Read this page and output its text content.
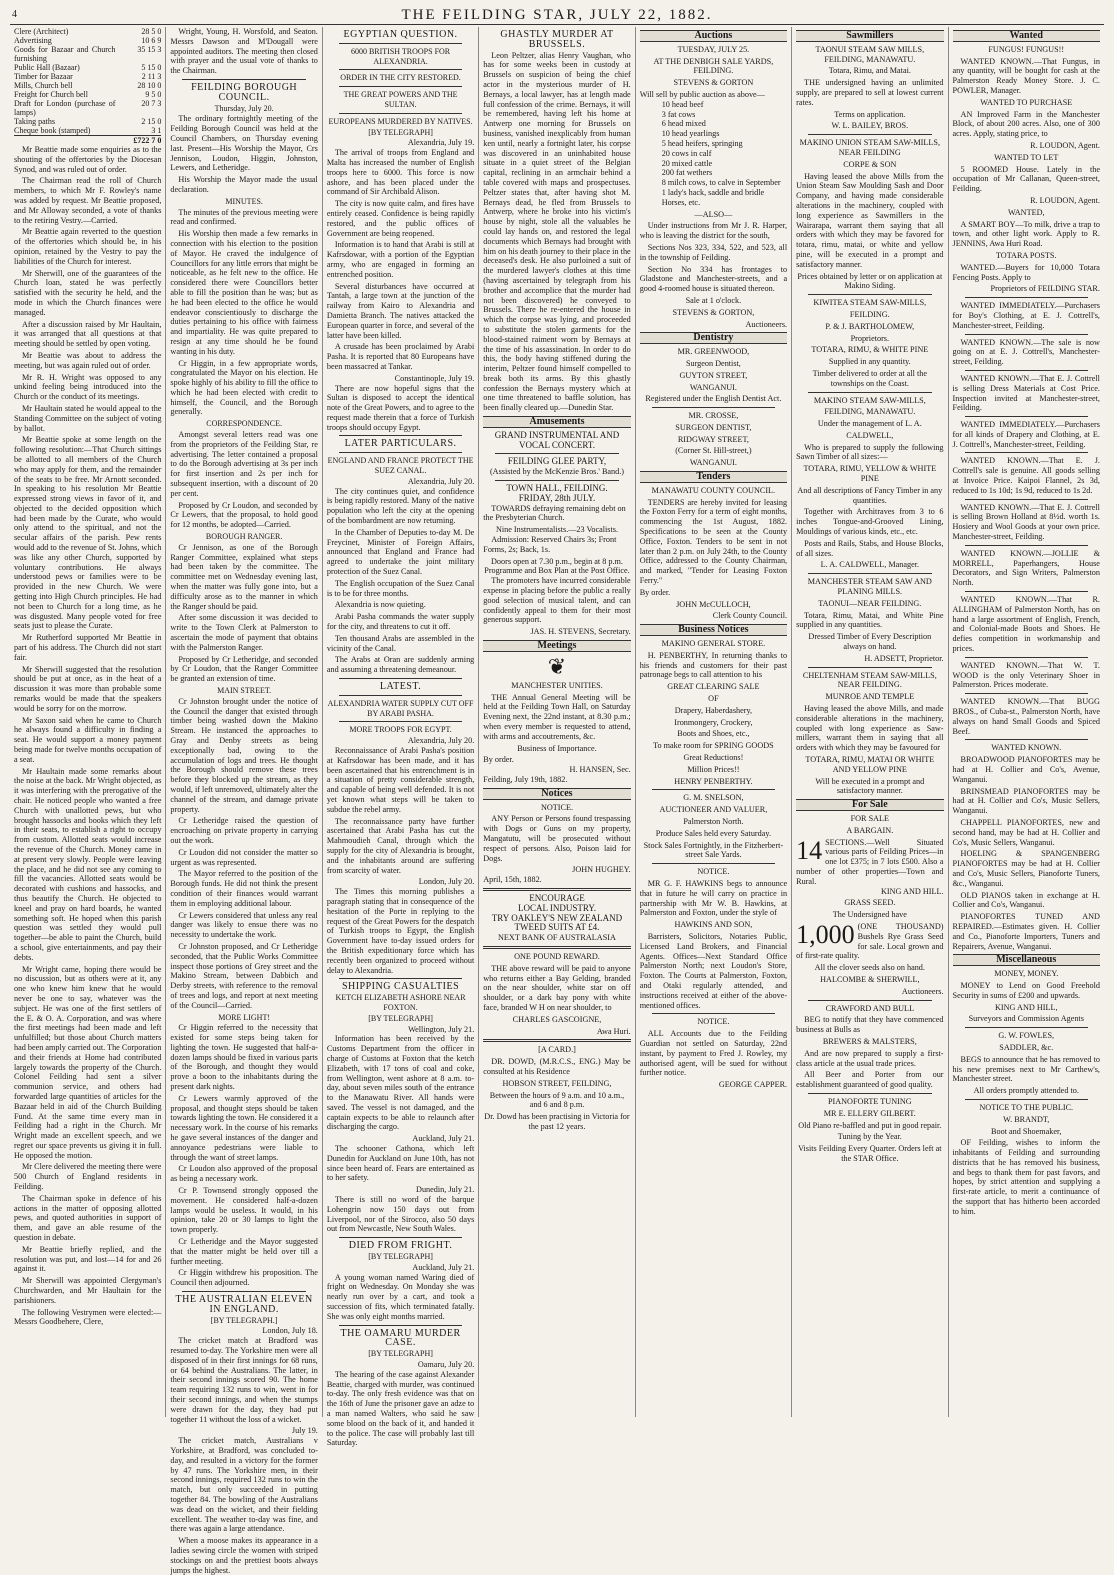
4	THE FEILDING STAR, JULY 22, 1882.
Clere (Architect)	28 5 0
Advertising	10 6 9
Goods for Bazaar and Church furnishing	35 15 3
Public Hall (Bazaar)	5 15 0
Timber for Bazaar	2 11 3
Mills, Church bell	28 10 0
Freight for Church bell	9 5 0
Draft for London (purchase of lamps)	20 7 3
Taking paths	2 15 0
Cheque book (stamped)	3 1
	£722 7 0

Mr Beattie made some enquiries as to the shouting of the offertories by the Diocesan Synod, and was ruled out of order.

The Chairman read the roll of Church members, to which Mr F. Rowley's name was added by request. Mr Beattie proposed, and Mr Alloway seconded, a vote of thanks to the retiring Vestry.—Carried.

Mr Beattie again reverted to the question of the offertories which should be, in his opinion, retained by the Vestry to pay the liabilities of the Church for interest.

Mr Sherwill, one of the guarantees of the Church loan, stated he was perfectly satisfied with the security he held, and the mode in which the Church finances were managed.

After a discussion raised by Mr Haultain, it was arranged that all questions at that meeting should be settled by open voting.

Mr Beattie was about to address the meeting, but was again ruled out of order.

Mr R. H. Wright was opposed to any unkind feeling being introduced into the Church or the conduct of its meetings.

Mr Haultain stated he would appeal to the Standing Committee on the subject of voting by ballot.

Mr Beattie spoke at some length on the following resolution:—That Church sittings be allotted to all members of the Church who may apply for them, and the remainder of the seats to be free. Mr Arnott seconded. In speaking to his resolution Mr Beattie expressed strong views in favor of it, and objected to the decided opposition which had been made by the Curate, who would only attend to the spiritual, and not the secular affairs of the parish. Pew rents would add to the revenue of St. Johns, which was like any other Church, supported by voluntary contributions. He always understood pews or families were to be provided in the new Church. We were getting into High Church principles. He had not been to Church for a long time, as he was disgusted. Many people voted for free seats just to please the Curate.

Mr Rutherford supported Mr Beattie in part of his address. The Church did not start fair.

Mr Sherwill suggested that the resolution should be put at once, as in the heat of a discussion it was more than probable some remarks would be made that the speakers would be sorry for on the morrow.

Mr Saxon said when he came to Church he always found a difficulty in finding a seat. He would support a money payment being made for twelve months occupation of a seat.

Mr Haultain made some remarks about the noise at the back. Mr Wright objected, as it was interfering with the prerogative of the chair. He noticed people who wanted a free Church with unallotted pews, but who brought hassocks and books which they left in their seats, to establish a right to occupy from custom. Allotted seats would increase the revenue of the Church. Money came in at present very slowly. People were leaving the place, and he did not see any coming to fill the vacancies. Allotted seats would be decorated with cushions and hassocks, and thus beautify the Church. He objected to kneel and pray on hard boards, he wanted something soft. He hoped when this parish question was settled they would pull together—be able to paint the Church, build a school, give entertainments, and pay their debts.

Mr Wright came, hoping there would be no discussion, but as others were at it, any one who knew him knew that he would never be one to say, whatever was the subject. He was one of the first settlers of the E. & O. A. Corporation, and was where the first meetings had been made and left unfulfilled; but those about Church matters had been amply carried out. The Corporation and their friends at Home had contributed largely towards the property of the Church. Colonel Feilding had sent a silver communion service, and others had forwarded large quantities of articles for the Bazaar held in aid of the Church Building Fund. At the same time every man in Feilding had a right in the Church. Mr Wright made an excellent speech, and we regret our space prevents us giving it in full. He opposed the motion.

Mr Clere delivered the meeting there were 500 Church of England residents in Feilding.

The Chairman spoke in defence of his actions in the matter of opposing allotted pews, and quoted authorities in support of them, and gave an able resume of the question in debate.

Mr Beattie briefly replied, and the resolution was put, and lost—14 for and 26 against it.

Mr Sherwill was appointed Clergyman's Churchwarden, and Mr Haultain for the parishioners.

The following Vestrymen were elected:—Messrs Goodbehere, Clere,

Wright, Young, H. Worsfold, and Seaton. Messrs Dawson and M'Dougall were appointed auditors. The meeting then closed with prayer and the usual vote of thanks to the Chairman.

FEILDING BOROUGH COUNCIL.
Thursday, July 20.

The ordinary fortnightly meeting of the Feilding Borough Council was held at the Council Chambers, on Thursday evening last. Present—His Worship the Mayor, Crs Jennison, Loudon, Higgin, Johnston, Lewers, and Letheridge.

His Worship the Mayor made the usual declaration.

MINUTES.

The minutes of the previous meeting were read and confirmed.

His Worship then made a few remarks in connection with his election to the position of Mayor. He craved the indulgence of Councillors for any little errors that might be noticeable, as he felt new to the office. He considered there were Councillors better able to fill the position than he was; but as he had been elected to the office he would endeavor conscientiously to discharge the duties pertaining to his office with fairness and impartiality. He was quite prepared to resign at any time should he be found wanting in his duty.

Cr Higgin, in a few appropriate words, congratulated the Mayor on his election. He spoke highly of his ability to fill the office to which he had been elected with credit to himself, the Council, and the Borough generally.

CORRESPONDENCE.

Amongst several letters read was one from the proprietors of the Feilding Star, re advertising. The letter contained a proposal to do the Borough advertising at 3s per inch for first insertion and 2s per inch for subsequent insertion, with a discount of 20 per cent.

Proposed by Cr Loudon, and seconded by Cr Lewers, that the proposal, to hold good for 12 months, be adopted—Carried.

BOROUGH RANGER.

Cr Jennison, as one of the Borough Ranger Committee, explained what steps had been taken by the committee. The committee met on Wednesday evening last, when the matter was fully gone into, but a difficulty arose as to the manner in which the Ranger should be paid.

After some discussion it was decided to write to the Town Clerk at Palmerston to ascertain the mode of payment that obtains with the Palmerston Ranger.

Proposed by Cr Letheridge, and seconded by Cr Loudon, that the Ranger Committee be granted an extension of time.

MAIN STREET.

Cr Johnston brought under the notice of the Council the danger that existed through timber being washed down the Makino Stream. He instanced the approaches to Gray and Denby streets as being exceptionally bad, owing to the accumulation of logs and trees. He thought the Borough should remove these trees before they blocked up the stream, as they would, if left unremoved, ultimately alter the channel of the stream, and damage private property.

Cr Letheridge raised the question of encroaching on private property in carrying out the work.

Cr Loudon did not consider the matter so urgent as was represented.

The Mayor referred to the position of the Borough funds. He did not think the present condition of their finances would warrant them in employing additional labour.

Cr Lewers considered that unless any real danger was likely to ensue there was no necessity to undertake the work.

Cr Johnston proposed, and Cr Letheridge seconded, that the Public Works Committee inspect those portions of Grey street and the Makino Stream, between Dabbich and Derby streets, with reference to the removal of trees and logs, and report at next meeting of the Council—Carried.

MORE LIGHT!

Cr Higgin referred to the necessity that existed for some steps being taken for lighting the town. He suggested that half-a-dozen lamps should be fixed in various parts of the Borough, and thought they would prove a boon to the inhabitants during the present dark nights.

Cr Lewers warmly approved of the proposal, and thought steps should be taken towards lighting the town. He considered it a necessary work. In the course of his remarks he gave several instances of the danger and annoyance pedestrians were liable to through the want of street lamps.

Cr Loudon also approved of the proposal as being a necessary work.

Cr P. Townsend strongly opposed the movement. He considered half-a-dozen lamps would be useless. It would, in his opinion, take 20 or 30 lamps to light the town properly.

Cr Letheridge and the Mayor suggested that the matter might be held over till a further meeting.

Cr Higgin withdrew his proposition. The Council then adjourned.

THE AUSTRALIAN ELEVEN IN ENGLAND.
[BY TELEGRAPH.]
London, July 18.

The cricket match at Bradford was resumed to-day. The Yorkshire men were all disposed of in their first innings for 68 runs, or 64 behind the Australians. The latter, in their second innings scored 90. The home team requiring 132 runs to win, went in for their second innings, and when the stumps were drawn for the day, they had put together 11 without the loss of a wicket.

July 19.

The cricket match, Australians v Yorkshire, at Bradford, was concluded to-day, and resulted in a victory for the former by 47 runs. The Yorkshire men, in their second innings, required 132 runs to win the match, but only succeeded in putting together 84. The bowling of the Australians was dead on the wicket, and their fielding excellent. The weather to-day was fine, and there was again a large attendance.

When a moose makes its appearance in a ladies sewing circle the women with striped stockings on and the prettiest boots always jumps the highest.

EGYPTIAN QUESTION.
6000 BRITISH TROOPS FOR ALEXANDRIA.
ORDER IN THE CITY RESTORED.
THE GREAT POWERS AND THE SULTAN.
EUROPEANS MURDERED BY NATIVES.
[BY TELEGRAPH]
Alexandria, July 19.

The arrival of troops from England and Malta has increased the number of English troops here to 6000. This force is now ashore, and has been placed under the command of Sir Archibald Alison.

The city is now quite calm, and fires have entirely ceased. Confidence is being rapidly restored, and the public offices of Government are being reopened.

Information is to hand that Arabi is still at Kafrsdowar, with a portion of the Egyptian army, who are engaged in forming an entrenched position.

Several disturbances have occurred at Tantah, a large town at the junction of the railway from Kairo to Alexandria and Damietta Branch. The natives attacked the European quarter in force, and several of the latter have been killed.

A crusade has been proclaimed by Arabi Pasha. It is reported that 80 Europeans have been massacred at Tankar.

Constantinople, July 19.

There are now hopeful signs that the Sultan is disposed to accept the identical note of the Great Powers, and to agree to the request made therein that a force of Turkish troops should occupy Egypt.

LATER PARTICULARS.
ENGLAND AND FRANCE PROTECT THE SUEZ CANAL.
Alexandria, July 20.

The city continues quiet, and confidence is being rapidly restored. Many of the native population who left the city at the opening of the bombardment are now returning.

In the Chamber of Deputies to-day M. De Freycinet, Minister of Foreign Affairs, announced that England and France had agreed to undertake the joint military protection of the Suez Canal.

The English occupation of the Suez Canal is to be for three months.

Alexandria is now quieting.

Arabi Pasha commands the water supply for the city, and threatens to cut it off.

Ten thousand Arabs are assembled in the vicinity of the Canal.

The Arabs at Oran are suddenly arming and assuming a threatening demeanour.

LATEST.
ALEXANDRIA WATER SUPPLY CUT OFF BY ARABI PASHA.
MORE TROOPS FOR EGYPT.
Alexandria, July 20.

Reconnaissance of Arabi Pasha's position at Kafrsdowar has been made, and it has been ascertained that his entrenchment is in a situation of pretty considerable strength, and capable of being well defended. It is not yet known what steps will be taken to subdue the rebel army.

The reconnaissance party have further ascertained that Arabi Pasha has cut the Mahmoudieh Canal, through which the supply for the city of Alexandria is brought, and the inhabitants around are suffering from scarcity of water.

London, July 20.

The Times this morning publishes a paragraph stating that in consequence of the hesitation of the Porte in replying to the request of the Great Powers for the despatch of Turkish troops to Egypt, the English Government have to-day issued orders for the British expeditionary force which has recently been organized to proceed without delay to Alexandria.

SHIPPING CASUALTIES
KETCH ELIZABETH ASHORE NEAR FOXTON.
[BY TELEGRAPH]
Wellington, July 21.

Information has been received by the Customs Department from the officer in charge of Customs at Foxton that the ketch Elizabeth, with 17 tons of coal and coke, from Wellington, went ashore at 8 a.m. to-day, about seven miles south of the entrance to the Manawatu River. All hands were saved. The vessel is not damaged, and the captain expects to be able to relaunch after discharging the cargo.

Auckland, July 21.

The schooner Cathona, which left Dunedin for Auckland on June 10th, has not since been heard of. Fears are entertained as to her safety.

Dunedin, July 21.

There is still no word of the barque Lohengrin now 150 days out from Liverpool, nor of the Sirocco, also 50 days out from Newcastle, New South Wales.

DIED FROM FRIGHT.
[BY TELEGRAPH]
Auckland, July 21.

A young woman named Waring died of fright on Wednesday. On Monday she was nearly run over by a cart, and took a succession of fits, which terminated fatally. She was only eight months married.

THE OAMARU MURDER CASE.
[BY TELEGRAPH]
Oamaru, July 20.

The hearing of the case against Alexander Beattie, charged with murder, was continued to-day. The only fresh evidence was that on the 16th of June the prisoner gave an adze to a man named Walters, who said he saw some blood on the back of it, and handed it to the police. The case will probably last till Saturday.

GHASTLY MURDER AT BRUSSELS.

Leon Peltzer, alias Henry Vaughan, who has for some weeks been in custody at Brussels on suspicion of being the chief actor in the mysterious murder of H. Bernays, a local lawyer, has at length made full confession of the crime. Bernays, it will be remembered, having left his home at Antwerp one morning for Brussels on business, vanished inexplicably from human ken until, nearly a fortnight later, his corpse was discovered in an uninhabited house situate in a quiet street of the Belgian capital, reclining in an armchair behind a table covered with maps and prospectuses. Peltzer states that, after having shot M. Bernays dead, he fled from Brussels to Antwerp, where he broke into his victim's house by night, stole all the valuables he could lay hands on, and restored the legal documents which Bernays had brought with him on his death journey to their place in the deceased's desk. He also purloined a suit of the murdered lawyer's clothes at this time (having ascertained by telegraph from his brother and accomplice that the murder had not been discovered) he conveyed to Brussels. There he re-entered the house in which the corpse was lying, and proceeded to substitute the stolen garments for the blood-stained raiment worn by Bernays at the time of his assassination. In order to do this, the body having stiffened during the interim, Peltzer found himself compelled to break both its arms. By this ghastly confession the Bernays mystery which at one time threatened to baffle solution, has been finally cleared up.—Dunedin Star.

Amusements
GRAND INSTRUMENTAL AND VOCAL CONCERT.
FEILDING GLEE PARTY,
(Assisted by the McKenzie Bros.' Band.)
TOWN HALL, FEILDING.
FRIDAY, 28th JULY.

TOWARDS defraying remaining debt on the Presbyterian Church.

Nine Instrumentalists.—23 Vocalists.

Admission: Reserved Chairs 3s; Front Forms, 2s; Back, 1s.

Doors open at 7.30 p.m., begin at 8 p.m.
Programme and Box Plan at the Post Office.

The promoters have incurred considerable expense in placing before the public a really good selection of musical talent, and can confidently appeal to them for their most generous support.

JAS. H. STEVENS, Secretary.
Meetings
❦
MANCHESTER UNITIES.

THE Annual General Meeting will be held at the Feilding Town Hall, on Saturday Evening next, the 22nd instant, at 8.30 p.m.; when every member is requested to attend, with arms and accoutrements, &c.

Business of Importance.
By order.
H. HANSEN, Sec.
Feilding, July 19th, 1882.
Notices
NOTICE.

ANY Person or Persons found trespassing with Dogs or Guns on my property, Mangatutu, will be prosecuted without respect of persons. Also, Poison laid for Dogs.

JOHN HUGHEY.
April, 15th, 1882.
ENCOURAGE
LOCAL INDUSTRY.
TRY OAKLEY'S NEW ZEALAND
TWEED SUITS AT £4.
NEXT BANK OF AUSTRALASIA
ONE POUND REWARD.

THE above reward will be paid to anyone who returns either a Bay Gelding, branded on the near shoulder, white star on off shoulder, or a dark bay pony with white face, branded W H on near shoulder, to

CHARLES GASCOIGNE,
Awa Huri.
[A CARD.]

DR. DOWD, (M.R.C.S., ENG.) May be consulted at his Residence

HOBSON STREET, FEILDING,
Between the hours of 9 a.m. and 10 a.m., and 6 and 8 p.m.
Dr. Dowd has been practising in Victoria for the past 12 years.
Auctions
TUESDAY, JULY 25.
AT THE DENBIGH SALE YARDS, FEILDING.
STEVENS & GORTON
Will sell by public auction as above—
10 head beef
3 fat cows
6 head mixed
10 head yearlings
5 head heifers, springing
20 cows in calf
20 mixed cattle
200 fat wethers
8 milch cows, to calve in September
1 lady's hack, saddle and bridle
Horses, etc.
—ALSO—

Under instructions from Mr J. R. Harper, who is leaving the district for the south,

Sections Nos 323, 334, 522, and 523, all in the township of Feilding.

Section No 334 has frontages to Gladstone and Manchester-streets, and a good 4-roomed house is situated thereon.

Sale at 1 o'clock.
STEVENS & GORTON,
Auctioneers.
Dentistry
MR. GREENWOOD,
Surgeon Dentist,
GUYTON STREET,
WANGANUI.
Registered under the English Dentist Act.
MR. CROSSE,
SURGEON DENTIST,
RIDGWAY STREET,
(Corner St. Hill-street,)
WANGANUI.
Tenders
MANAWATU COUNTY COUNCIL.

TENDERS are hereby invited for leasing the Foxton Ferry for a term of eight months, commencing the 1st August, 1882. Specifications to be seen at the County Office, Foxton. Tenders to be sent in not later than 2 p.m. on July 24th, to the County Office, addressed to the County Chairman, and marked, "Tender for Leasing Foxton Ferry."

By order.
JOHN McCULLOCH,
Clerk County Council.
Business Notices
MAKINO GENERAL STORE.

H. PENBERTHY, In returning thanks to his friends and customers for their past patronage begs to call attention to his

GREAT CLEARING SALE
OF
Drapery, Haberdashery,
Ironmongery, Crockery,
Boots and Shoes, etc.,
To make room for SPRING GOODS
Great Reductions!
Million Prices!!
HENRY PENBERTHY.
G. M. SNELSON,
AUCTIONEER AND VALUER,
Palmerston North.
Produce Sales held every Saturday.
Stock Sales Fortnightly, in the Fitzherbert-street Sale Yards.
NOTICE.

MR G. F. HAWKINS begs to announce that in future he will carry on practice in partnership with Mr W. B. Hawkins, at Palmerston and Foxton, under the style of

HAWKINS AND SON,

Barristers, Solicitors, Notaries Public, Licensed Land Brokers, and Financial Agents. Offices—Next Standard Office Palmerston North; next Loudon's Store, Foxton. The Courts at Palmerston, Foxton, and Otaki regularly attended, and instructions received at either of the above-mentioned offices.

NOTICE.

ALL Accounts due to the Feilding Guardian not settled on Saturday, 22nd instant, by payment to Fred J. Rowley, my authorised agent, will be sued for without further notice.

GEORGE CAPPER.
Sawmillers
TAONUI STEAM SAW MILLS, FEILDING, MANAWATU.
Totara, Rimu, and Matai.

THE undersigned having an unlimited supply, are prepared to sell at lowest current rates.

Terms on application.
W. L. BAILEY, BROS.
MAKINO UNION STEAM SAW-MILLS, NEAR FEILDING
CORPE & SON

Having leased the above Mills from the Union Steam Saw Moulding Sash and Door Company, and having made considerable alterations in the machinery, coupled with long experience as Sawmillers in the Wairarapa, warrant them saying that all orders with which they may be favored for totara, rimu, matai, or white and yellow pine, will be executed in a prompt and satisfactory manner.

Prices obtained by letter or on application at Makino Siding.
KIWITEA STEAM SAW-MILLS,
FEILDING.
P. & J. BARTHOLOMEW,
Proprietors.
TOTARA, RIMU, & WHITE PINE
Supplied in any quantity.
Timber delivered to order at all the townships on the Coast.
MAKINO STEAM SAW-MILLS,
FEILDING, MANAWATU.
Under the management of L. A.
CALDWELL,

Who is prepared to supply the following Sawn Timber of all sizes:—

TOTARA, RIMU, YELLOW & WHITE PINE
And all descriptions of Fancy Timber in any quantities.

Together with Architraves from 3 to 6 inches Tongue-and-Grooved Lining, Mouldings of various kinds, etc., etc.

Posts and Rails, Stabs, and House Blocks, of all sizes.

L. A. CALDWELL, Manager.
MANCHESTER STEAM SAW AND PLANING MILLS.
TAONUI—NEAR FEILDING.

Totara, Rimu, Matai, and White Pine supplied in any quantities.

Dressed Timber of Every Description always on hand.
H. ADSETT, Proprietor.
CHELTENHAM STEAM SAW-MILLS, NEAR FEILDING.
MUNROE AND TEMPLE

Having leased the above Mills, and made considerable alterations in the machinery, coupled with long experience as Saw-millers, warrant them in saying that all orders with which they may be favoured for

TOTARA, RIMU, MATAI OR WHITE AND YELLOW PINE
Will be executed in a prompt and satisfactory manner.
For Sale
FOR SALE
A BARGAIN.
14 SECTIONS.—Well Situated various parts of Feilding Prices—in one lot £375; in 7 lots £500. Also a number of other properties—Town and Rural.
KING AND HILL.
GRASS SEED.
The Undersigned have
1,000 (ONE THOUSAND) Bushels Rye Grass Seed for sale. Local grown and of first-rate quality.
All the clover seeds also on hand.
HALCOMBE & SHERWILL,
Auctioneers.
CRAWFORD AND BULL

BEG to notify that they have commenced business at Bulls as

BREWERS & MALSTERS,

And are now prepared to supply a first-class article at the usual trade prices.

All Beer and Porter from our establishment guaranteed of good quality.

PIANOFORTE TUNING
MR E. ELLERY GILBERT.
Old Piano re-baffled and put in good repair.
Tuning by the Year.
Visits Feilding Every Quarter. Orders left at the STAR Office.
Wanted
FUNGUS! FUNGUS!!

WANTED KNOWN.—That Fungus, in any quantity, will be bought for cash at the Palmerston Ready Money Store. J. C. POWLER, Manager.

WANTED TO PURCHASE

AN Improved Farm in the Manchester Block, of about 200 acres. Also, one of 300 acres. Apply, stating price, to

R. LOUDON, Agent.
WANTED TO LET

5 ROOMED House. Lately in the occupation of Mr Callanan, Queen-street, Feilding.

R. LOUDON, Agent.
WANTED,

A SMART BOY—To milk, drive a trap to town, and other light work. Apply to R. JENNINS, Awa Huri Road.

TOTARA POSTS.

WANTED.—Buyers for 10,000 Totara Fencing Posts. Apply to

Proprietors of FEILDING STAR.

WANTED IMMEDIATELY.—Purchasers for Boy's Clothing, at E. J. Cottrell's, Manchester-street, Feilding.

WANTED KNOWN.—The sale is now going on at E. J. Cottrell's, Manchester-street, Feilding.

WANTED KNOWN.—That E. J. Cottrell is selling Dress Materials at Cost Price. Inspection invited at Manchester-street, Feilding.

WANTED IMMEDIATELY.—Purchasers for all kinds of Drapery and Clothing, at E. J. Cottrell's, Manchester-street, Feilding.

WANTED KNOWN.—That E. J. Cottrell's sale is genuine. All goods selling at Invoice Price. Kaipoi Flannel, 2s 3d, reduced to 1s 10d; 1s 9d, reduced to 1s 2d.

WANTED KNOWN.—That E. J. Cottrell is selling Brown Holland at 8½d. worth 1s. Hosiery and Wool Goods at your own price. Manchester-street, Feilding.

WANTED KNOWN.—JOLLIE & MORRELL, Paperhangers, House Decorators, and Sign Writers, Palmerston North.

WANTED KNOWN.—That R. ALLINGHAM of Palmerston North, has on hand a large assortment of English, French, and Colonial-made Boots and Shoes. He defies competition in workmanship and prices.

WANTED KNOWN.—That W. T. WOOD is the only Veterinary Shoer in Palmerston. Prices moderate.

WANTED KNOWN.—That BUGG BROS., of Cuba-st., Palmerston North, have always on hand Small Goods and Spiced Beef.

WANTED KNOWN.

BROADWOOD PIANOFORTES may be had at H. Collier and Co's, Avenue, Wanganui.

BRINSMEAD PIANOFORTES may be had at H. Collier and Co's, Music Sellers, Wanganui.

CHAPPELL PIANOFORTES, new and second hand, may be had at H. Collier and Co's, Music Sellers, Wanganui.

HOELING & SPANGENBERG PIANOFORTES may be had at H. Collier and Co's, Music Sellers, Pianoforte Tuners, &c., Wanganui.

OLD PIANOS taken in exchange at H. Collier and Co's, Wanganui.

PIANOFORTES TUNED AND REPAIRED.—Estimates given. H. Collier and Co., Pianoforte Importers, Tuners and Repairers, Avenue, Wanganui.

Miscellaneous
MONEY, MONEY.

MONEY to Lend on Good Freehold Security in sums of £200 and upwards.

KING AND HILL,
Surveyors and Commission Agents
G. W. FOWLES,
SADDLER, &c.

BEGS to announce that he has removed to his new premises next to Mr Carthew's, Manchester street.

All orders promptly attended to.
NOTICE TO THE PUBLIC.
W. BRANDT,
Boot and Shoemaker,

OF Feilding, wishes to inform the inhabitants of Feilding and surrounding districts that he has removed his business, and begs to thank them for past favors, and hopes, by strict attention and supplying a first-rate article, to merit a continuance of the support that has hitherto been accorded to him.
